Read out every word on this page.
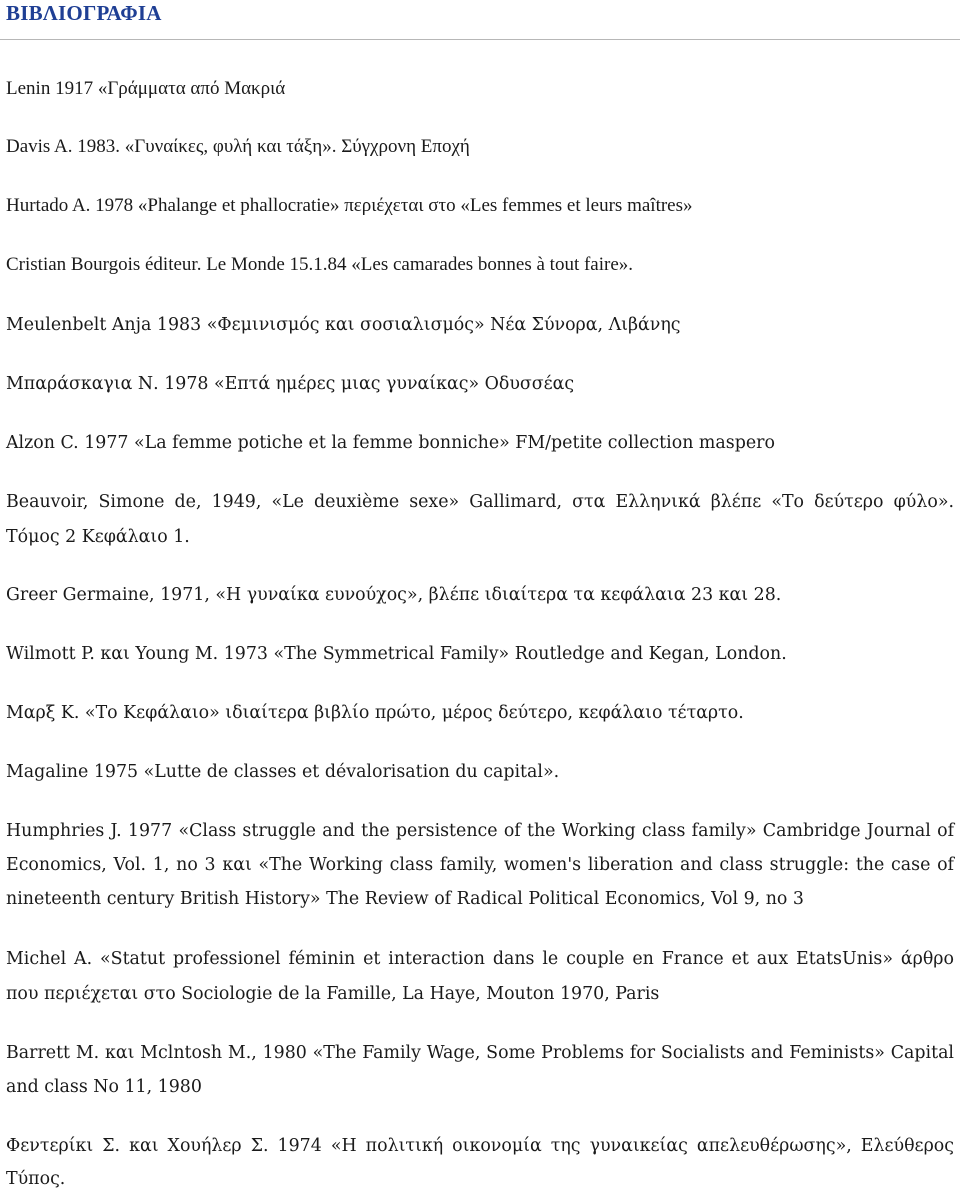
ΒΙΒΛΙΟΓΡΑΦΙΑ
Lenin 1917 «Γράμματα από Μακριά
Davis A. 1983. «Γυναίκες, φυλή και τάξη». Σύγχρονη Εποχή
Hurtado A. 1978 «Phalange et phallocratie» περιέχεται στο «Les femmes et leurs maîtres»
Cristian Bourgois éditeur. Le Monde 15.1.84 «Les camarades bonnes à tout faire».
Meulenbelt Anja 1983 «Φεμινισμός και σοσιαλισμός» Νέα Σύνορα, Λιβάνης
Μπαράσκαγια Ν. 1978 «Επτά ημέρες μιας γυναίκας» Οδυσσέας
Alzon C. 1977 «La femme potiche et la femme bonniche» FM/petite collection maspero
Beauvoir, Simone de, 1949, «Le deuxième sexe» Gallimard, στα Ελληνικά βλέπε «Το δεύτερο φύλο».
Τόμος 2 Κεφάλαιο 1.
Greer Germaine, 1971, «Η γυναίκα ευνούχος», βλέπε ιδιαίτερα τα κεφάλαια 23 και 28.
Wilmott P. και Young M. 1973 «The Symmetrical Family» Routledge and Kegan, London.
Μαρξ Κ. «Το Κεφάλαιο» ιδιαίτερα βιβλίο πρώτο, μέρος δεύτερο, κεφάλαιο τέταρτο.
Magaline 1975 «Lutte de classes et dévalorisation du capital».
Humphries J. 1977 «Class struggle and the persistence of the Working class family» Cambridge Journal of
Economics, Vol. 1, no 3 και «The Working class family, women's liberation and class struggle: the case of
nineteenth century British History» The Review of Radical Political Economics, Vol 9, no 3
Michel A. «Statut professionel féminin et interaction dans le couple en France et aux EtatsUnis» άρθρο
που περιέχεται στο Sociologie de la Famille, La Haye, Mouton 1970, Paris
Barrett M. και Mclntosh M., 1980 «The Family Wage, Some Problems for Socialists and Feminists» Capital
and class No 11, 1980
Φεντερίκι Σ. και Χουήλερ Σ. 1974 «Η πολιτική οικονομία της γυναικείας απελευθέρωσης», Ελεύθερος
Τύπος.
